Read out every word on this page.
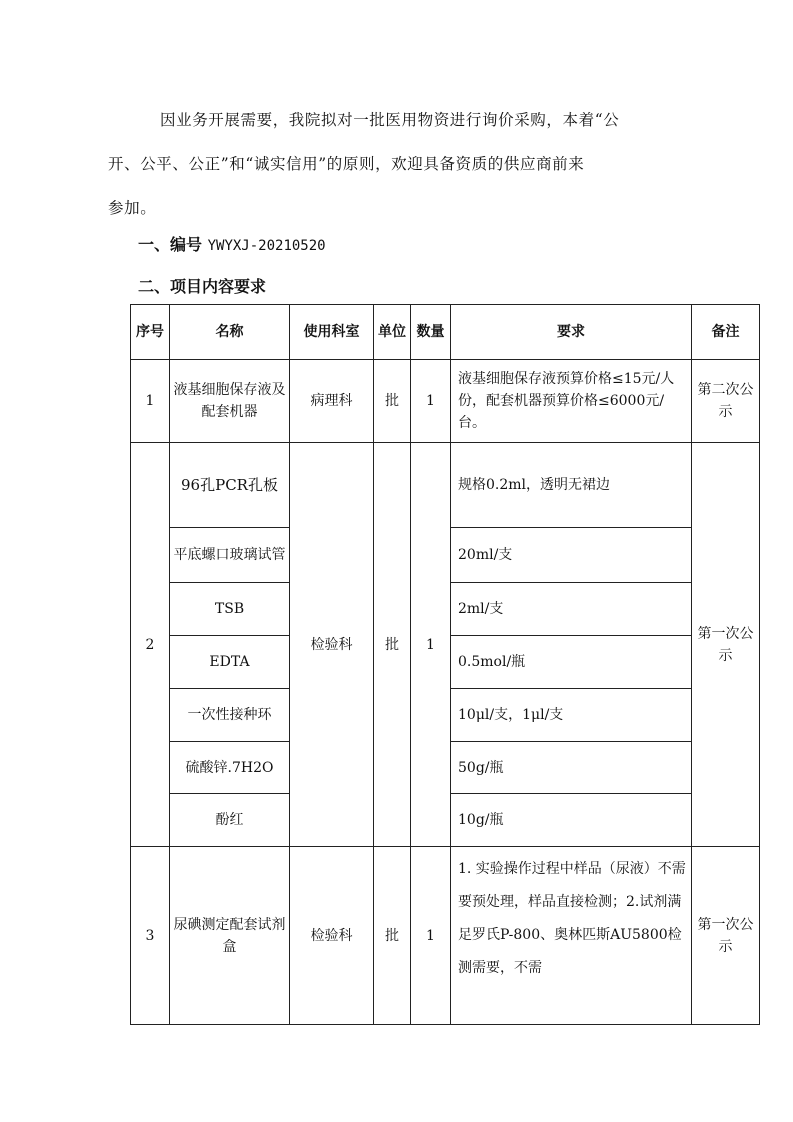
因业务开展需要，我院拟对一批医用物资进行询价采购，本着“公
开、公平、公正”和“诚实信用”的原则，欢迎具备资质的供应商前来
参加。
一、编号 YWYXJ-20210520
二、项目内容要求
序号	名称	使用科室	单位	数量	要求	备注
1	液基细胞保存液及配套机器	病理科	批	1	液基细胞保存液预算价格≤15元/人份，配套机器预算价格≤6000元/台。	第二次公示
2	96孔PCR孔板	检验科	批	1	规格0.2ml，透明无裙边	第一次公示
	平底螺口玻璃试管				20ml/支	
	TSB				2ml/支	
	EDTA				0.5mol/瓶	
	一次性接种环				10μl/支，1μl/支	
	硫酸锌.7H2O				50g/瓶	
	酚红				10g/瓶	
3	尿碘测定配套试剂盒	检验科	批	1	1. 实验操作过程中样品（尿液）不需要预处理，样品直接检测；2.试剂满足罗氏P-800、奥林匹斯AU5800检测需要，不需	第一次公示
